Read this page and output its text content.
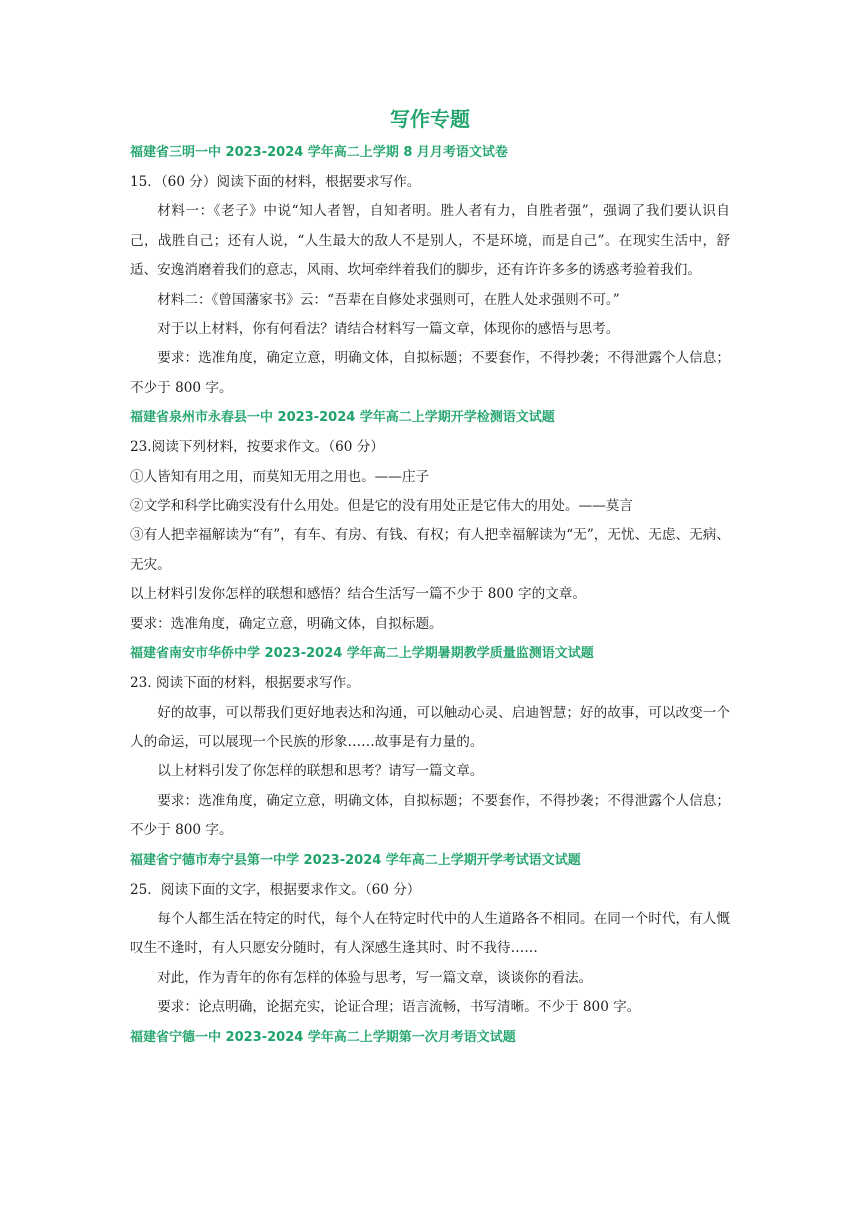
写作专题

福建省三明一中 2023-2024 学年高二上学期 8 月月考语文试卷

15．（60 分）阅读下面的材料，根据要求写作。

材料一：《老子》中说“知人者智，自知者明。胜人者有力，自胜者强”，强调了我们要认识自己，战胜自己；还有人说，“人生最大的敌人不是别人，不是环境，而是自己”。在现实生活中，舒适、安逸消磨着我们的意志，风雨、坎坷牵绊着我们的脚步，还有许许多多的诱惑考验着我们。

材料二：《曾国藩家书》云：“吾辈在自修处求强则可，在胜人处求强则不可。”

对于以上材料，你有何看法？请结合材料写一篇文章，体现你的感悟与思考。

要求：选准角度，确定立意，明确文体，自拟标题；不要套作，不得抄袭；不得泄露个人信息；不少于 800 字。

福建省泉州市永春县一中 2023-2024 学年高二上学期开学检测语文试题

23.阅读下列材料，按要求作文。（60 分）

①人皆知有用之用，而莫知无用之用也。——庄子

②文学和科学比确实没有什么用处。但是它的没有用处正是它伟大的用处。——莫言

③有人把幸福解读为“有”，有车、有房、有钱、有权；有人把幸福解读为“无”，无忧、无虑、无病、无灾。

以上材料引发你怎样的联想和感悟？结合生活写一篇不少于 800 字的文章。

要求：选准角度，确定立意，明确文体，自拟标题。

福建省南安市华侨中学 2023-2024 学年高二上学期暑期教学质量监测语文试题

23. 阅读下面的材料，根据要求写作。

好的故事，可以帮我们更好地表达和沟通，可以触动心灵、启迪智慧；好的故事，可以改变一个人的命运，可以展现一个民族的形象……故事是有力量的。

以上材料引发了你怎样的联想和思考？请写一篇文章。

要求：选准角度，确定立意，明确文体，自拟标题；不要套作，不得抄袭；不得泄露个人信息；不少于 800 字。

福建省宁德市寿宁县第一中学 2023-2024 学年高二上学期开学考试语文试题

25．阅读下面的文字，根据要求作文。（60 分）

每个人都生活在特定的时代，每个人在特定时代中的人生道路各不相同。在同一个时代，有人慨叹生不逢时，有人只愿安分随时，有人深感生逢其时、时不我待……

对此，作为青年的你有怎样的体验与思考，写一篇文章，谈谈你的看法。

要求：论点明确，论据充实，论证合理；语言流畅，书写清晰。不少于 800 字。

福建省宁德一中 2023-2024 学年高二上学期第一次月考语文试题
